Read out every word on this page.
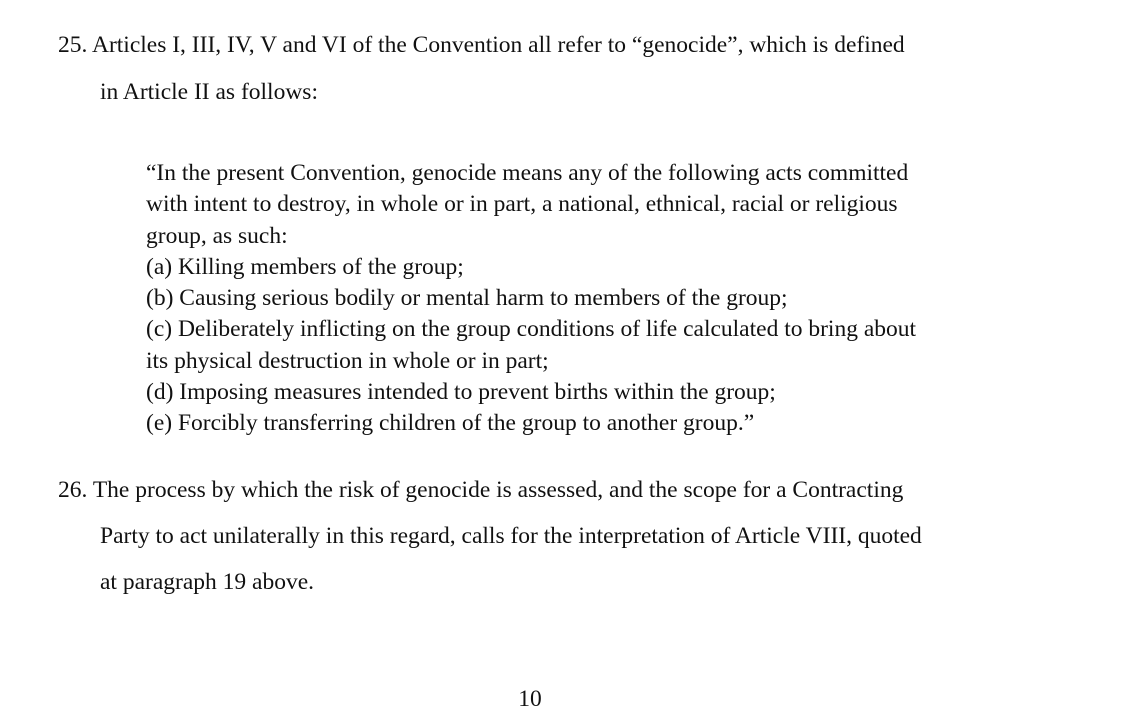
25. Articles I, III, IV, V and VI of the Convention all refer to “genocide”, which is defined
in Article II as follows:
“In the present Convention, genocide means any of the following acts committed
with intent to destroy, in whole or in part, a national, ethnical, racial or religious
group, as such:
(a) Killing members of the group;
(b) Causing serious bodily or mental harm to members of the group;
(c) Deliberately inflicting on the group conditions of life calculated to bring about
its physical destruction in whole or in part;
(d) Imposing measures intended to prevent births within the group;
(e) Forcibly transferring children of the group to another group.”
26. The process by which the risk of genocide is assessed, and the scope for a Contracting
Party to act unilaterally in this regard, calls for the interpretation of Article VIII, quoted
at paragraph 19 above.
10
